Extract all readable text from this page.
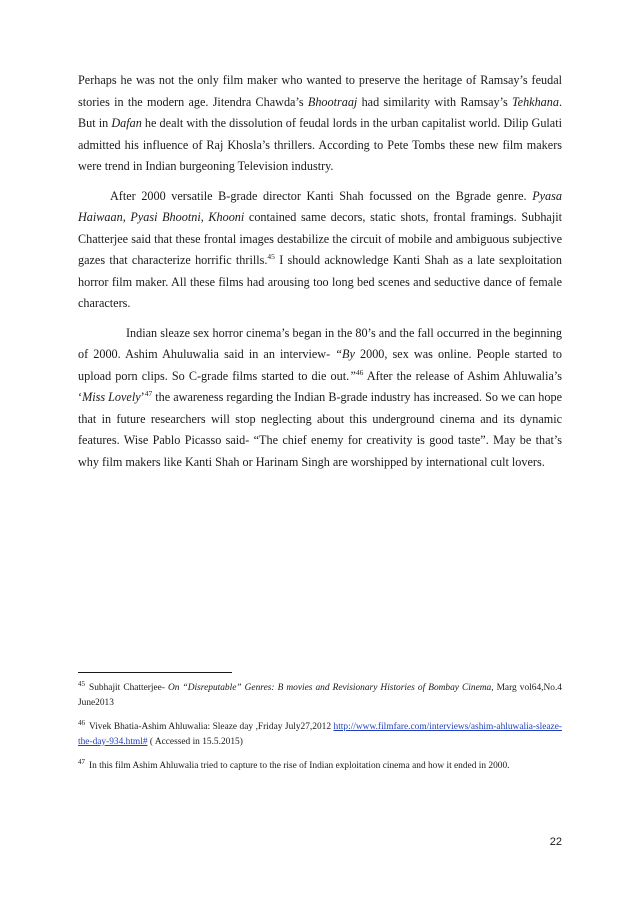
Perhaps he was not the only film maker who wanted to preserve the heritage of Ramsay’s feudal stories in the modern age. Jitendra Chawda’s Bhootraaj had similarity with Ramsay’s Tehkhana. But in Dafan he dealt with the dissolution of feudal lords in the urban capitalist world. Dilip Gulati admitted his influence of Raj Khosla’s thrillers. According to Pete Tombs these new film makers were trend in Indian burgeoning Television industry.

After 2000 versatile B-grade director Kanti Shah focussed on the Bgrade genre. Pyasa Haiwaan, Pyasi Bhootni, Khooni contained same decors, static shots, frontal framings. Subhajit Chatterjee said that these frontal images destabilize the circuit of mobile and ambiguous subjective gazes that characterize horrific thrills.$^{45}$ I should acknowledge Kanti Shah as a late sexploitation horror film maker. All these films had arousing too long bed scenes and seductive dance of female characters.

Indian sleaze sex horror cinema’s began in the 80’s and the fall occurred in the beginning of 2000. Ashim Ahuluwalia said in an interview- “By 2000, sex was online. People started to upload porn clips. So C-grade films started to die out.”$^{46}$ After the release of Ashim Ahluwalia’s ‘Miss Lovely’$^{47}$ the awareness regarding the Indian B-grade industry has increased. So we can hope that in future researchers will stop neglecting about this underground cinema and its dynamic features. Wise Pablo Picasso said- “The chief enemy for creativity is good taste”. May be that’s why film makers like Kanti Shah or Harinam Singh are worshipped by international cult lovers.

$^{45}$ Subhajit Chatterjee- On “Disreputable” Genres: B movies and Revisionary Histories of Bombay Cinema, Marg vol64,No.4 June2013

$^{46}$ Vivek Bhatia-Ashim Ahluwalia: Sleaze day ,Friday July27,2012 http://www.filmfare.com/interviews/ashim-ahluwalia-sleaze-the-day-934.html# ( Accessed in 15.5.2015)

$^{47}$ In this film Ashim Ahluwalia tried to capture to the rise of Indian exploitation cinema and how it ended in 2000.

22
